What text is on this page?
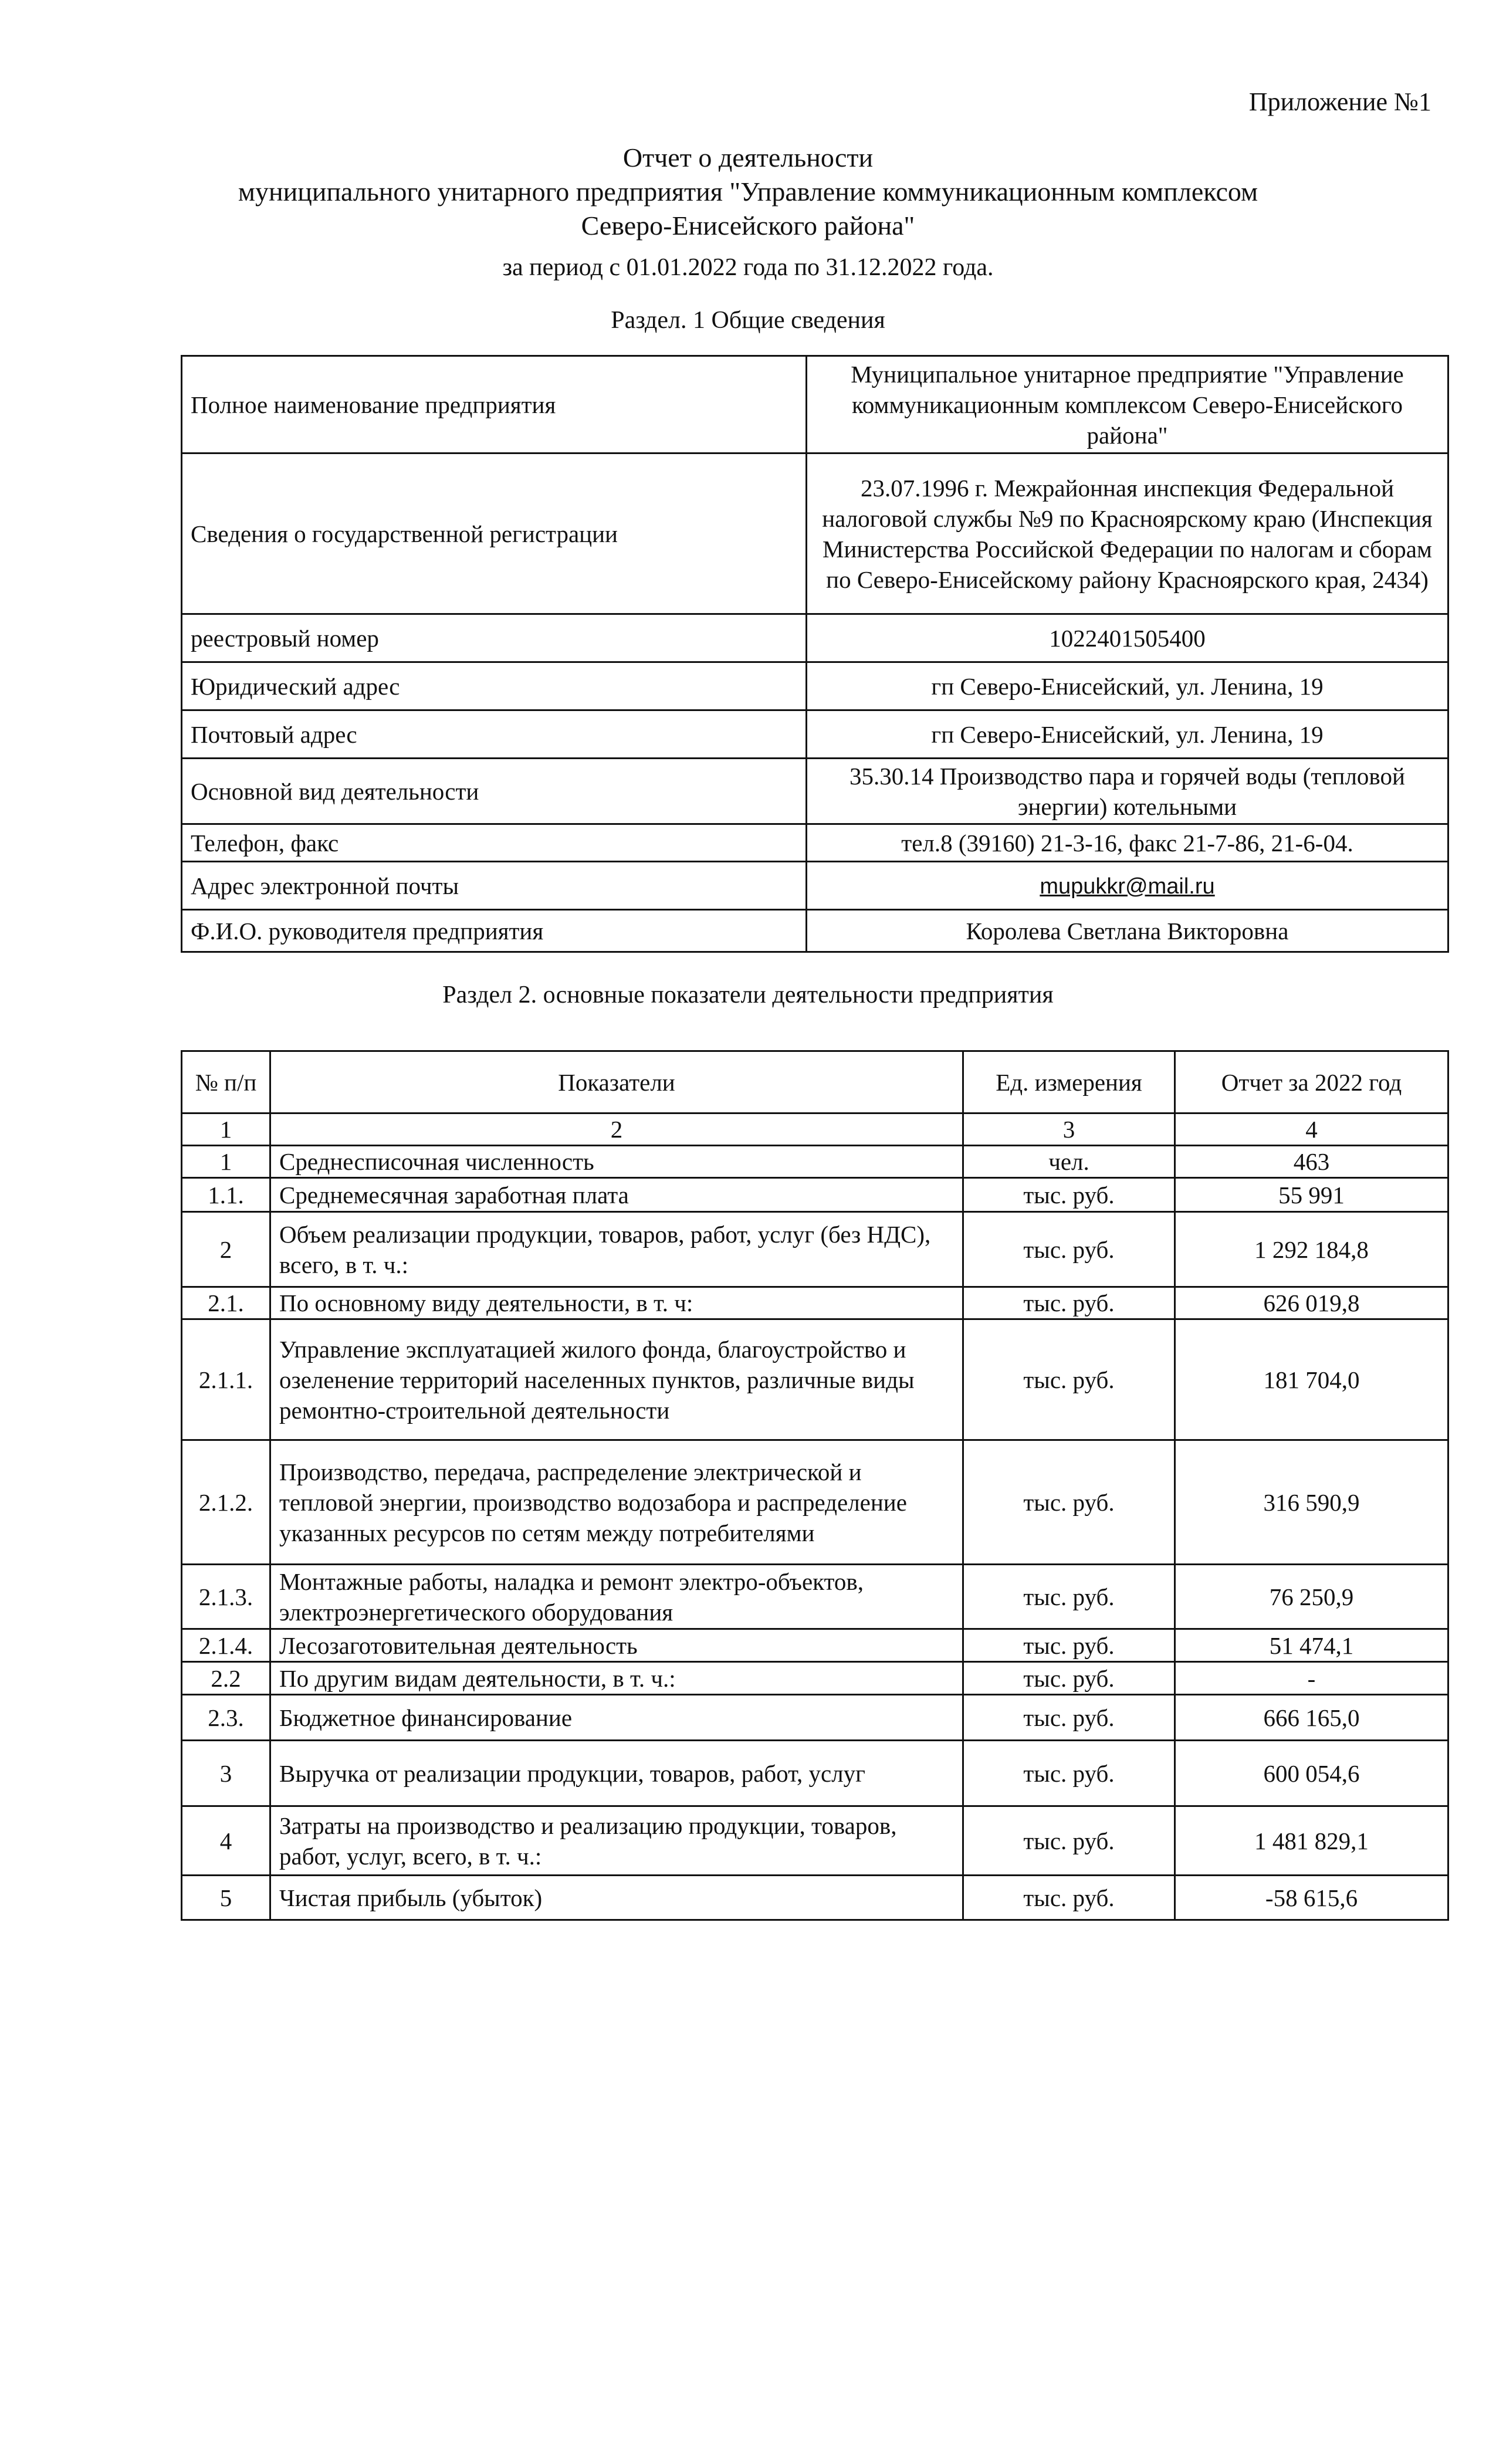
Приложение №1
Отчет о деятельности
муниципального унитарного предприятия "Управление коммуникационным комплексом
Северо-Енисейского района"
за период с 01.01.2022 года по 31.12.2022 года.
Раздел. 1 Общие сведения
Полное наименование предприятия	Муниципальное унитарное предприятие "Управление коммуникационным комплексом Северо-Енисейского района"
Сведения о государственной регистрации	23.07.1996 г. Межрайонная инспекция Федеральной налоговой службы №9 по Красноярскому краю (Инспекция Министерства Российской Федерации по налогам и сборам по Северо-Енисейскому району Красноярского края, 2434)
реестровый номер	1022401505400
Юридический адрес	гп Северо-Енисейский, ул. Ленина, 19
Почтовый адрес	гп Северо-Енисейский, ул. Ленина, 19
Основной вид деятельности	35.30.14 Производство пара и горячей воды (тепловой энергии) котельными
Телефон, факс	тел.8 (39160) 21-3-16, факс 21-7-86, 21-6-04.
Адрес электронной почты	mupukkr@mail.ru
Ф.И.О. руководителя предприятия	Королева Светлана Викторовна
Раздел 2. основные показатели деятельности предприятия
№ п/п	Показатели	Ед. измерения	Отчет за 2022 год
1	2	3	4
1	Среднесписочная численность	чел.	463
1.1.	Среднемесячная заработная плата	тыс. руб.	55 991
2	Объем реализации продукции, товаров, работ, услуг (без НДС), всего, в т. ч.:	тыс. руб.	1 292 184,8
2.1.	По основному виду деятельности, в т. ч:	тыс. руб.	626 019,8
2.1.1.	Управление эксплуатацией жилого фонда, благоустройство и озеленение территорий населенных пунктов, различные виды ремонтно-строительной деятельности	тыс. руб.	181 704,0
2.1.2.	Производство, передача, распределение электрической и тепловой энергии, производство водозабора и распределение указанных ресурсов по сетям между потребителями	тыс. руб.	316 590,9
2.1.3.	Монтажные работы, наладка и ремонт электро-объектов, электроэнергетического оборудования	тыс. руб.	76 250,9
2.1.4.	Лесозаготовительная деятельность	тыс. руб.	51 474,1
2.2	По другим видам деятельности, в т. ч.:	тыс. руб.	-
2.3.	Бюджетное финансирование	тыс. руб.	666 165,0
3	Выручка от реализации продукции, товаров, работ, услуг	тыс. руб.	600 054,6
4	Затраты на производство и реализацию продукции, товаров, работ, услуг, всего, в т. ч.:	тыс. руб.	1 481 829,1
5	Чистая прибыль (убыток)	тыс. руб.	-58 615,6
